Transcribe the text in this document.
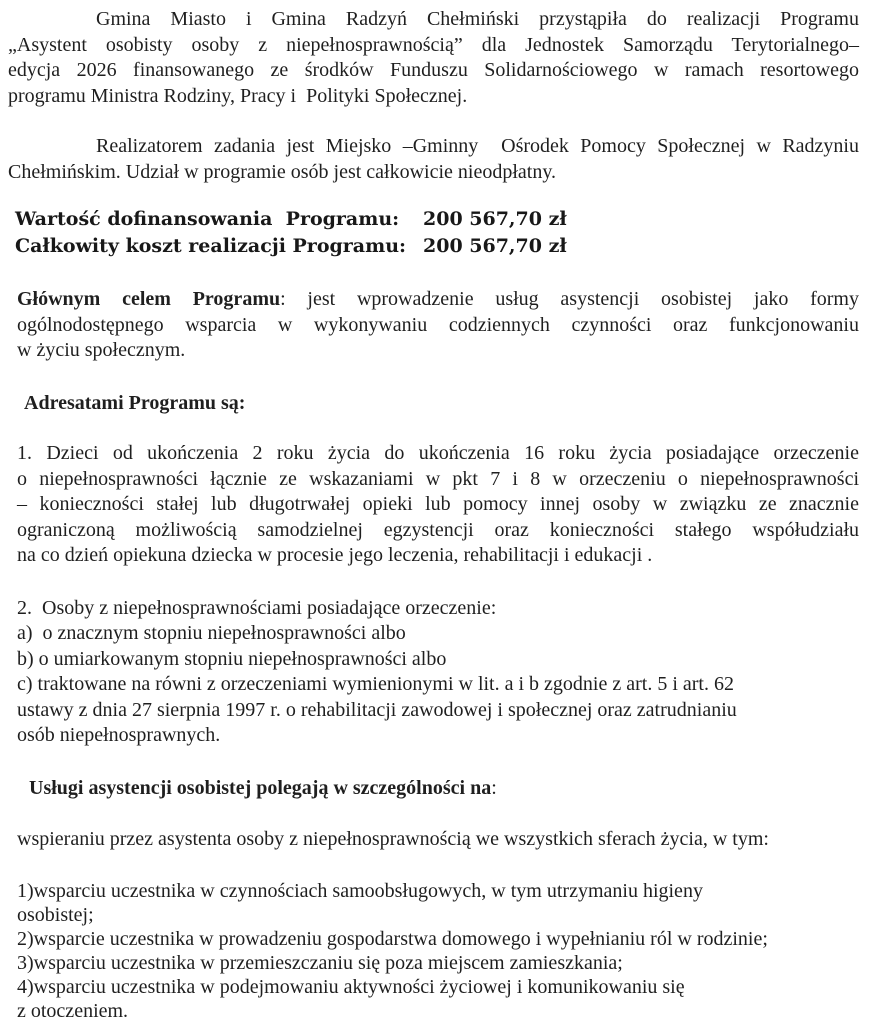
Gmina Miasto i Gmina Radzyń Chełmiński przystąpiła do realizacji Programu
„Asystent osobisty osoby z niepełnosprawnością” dla Jednostek Samorządu Terytorialnego–
edycja 2026 finansowanego ze środków Funduszu Solidarnościowego w ramach resortowego
programu Ministra Rodziny, Pracy i  Polityki Społecznej.
Realizatorem zadania jest Miejsko –Gminny  Ośrodek Pomocy Społecznej w Radzyniu
Chełmińskim. Udział w programie osób jest całkowicie nieodpłatny.
Wartość dofinansowania  Programu:	200 567,70 zł
Całkowity koszt realizacji Programu: 200 567,70 zł
Głównym celem Programu: jest wprowadzenie usług asystencji osobistej jako formy
ogólnodostępnego wsparcia w wykonywaniu codziennych czynności oraz funkcjonowaniu
w życiu społecznym.
Adresatami Programu są:
1. Dzieci od ukończenia 2 roku życia do ukończenia 16 roku życia posiadające orzeczenie
o niepełnosprawności łącznie ze wskazaniami w pkt 7 i 8 w orzeczeniu o niepełnosprawności
– konieczności stałej lub długotrwałej opieki lub pomocy innej osoby w związku ze znacznie
ograniczoną możliwością samodzielnej egzystencji oraz konieczności stałego współudziału
na co dzień opiekuna dziecka w procesie jego leczenia, rehabilitacji i edukacji .
2.  Osoby z niepełnosprawnościami posiadające orzeczenie:
a)  o znacznym stopniu niepełnosprawności albo
b) o umiarkowanym stopniu niepełnosprawności albo
c) traktowane na równi z orzeczeniami wymienionymi w lit. a i b zgodnie z art. 5 i art. 62
ustawy z dnia 27 sierpnia 1997 r. o rehabilitacji zawodowej i społecznej oraz zatrudnianiu
osób niepełnosprawnych.
Usługi asystencji osobistej polegają w szczególności na:
wspieraniu przez asystenta osoby z niepełnosprawnością we wszystkich sferach życia, w tym:
1)wsparciu uczestnika w czynnościach samoobsługowych, w tym utrzymaniu higieny
osobistej;
2)wsparcie uczestnika w prowadzeniu gospodarstwa domowego i wypełnianiu ról w rodzinie;
3)wsparciu uczestnika w przemieszczaniu się poza miejscem zamieszkania;
4)wsparciu uczestnika w podejmowaniu aktywności życiowej i komunikowaniu się
z otoczeniem.
